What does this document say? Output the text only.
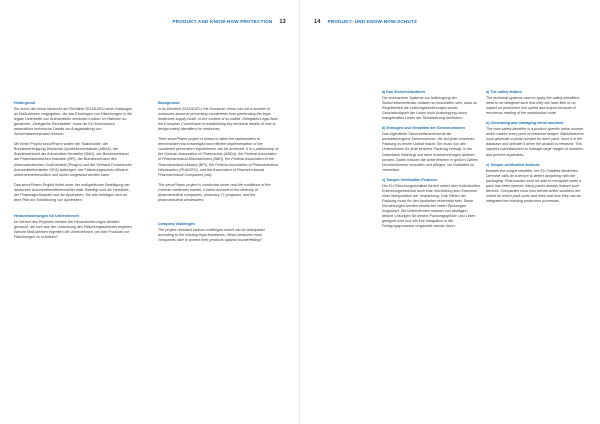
PRODUKT AND KNOW-HOW PROTECTION 13

Hintergrund

Ein durch die Union fachnicht der Richtlinie 2011/62/EU einen Katalogen an Maßnahmen vorgegeben, die das Eindringen von Fälschungen in die legale Lieferkette von Arzneimitteln verhindern sollen. Im Rahmen so genannter „Delegierter Rechtsakte“ muss die EU-Kommission wesentliche technische Details zur Ausgestaltung von Sicherheitsmerkmalen fixieren.

Mit Ihrem Projekt securPharm wollen die Stakeholder, die Bundesvereinigung Deutscher Apothekenverbände (ABDA), der Bundesverband der Arzneimittel-Hersteller (BAH), der Bundesverband der Pharmazeutischen Industrie (BPI), der Bundesverband des pharmazeutischen Großhandels (Phagro) und der Verband Forschender Arzneimittelhersteller (VFA) aufzeigen, wie Fälschungsschutz effizient, unternehmerfreundlich und sicher umgesetzt werden kann.

Das securPharm-Projekt findet unter der maßgeblichen Beteiligung der deutschen Arzneimittelmittelhersteller statt. Beteiligt sind die Hersteller, der Pharmagroßhandel und die Apotheken. Sie alle beteiligen sich an dem Pilot zur Entwicklung von Apotheken.

Herausforderungen für Unternehmen

Im Verlauf des Projektes werden die Herausforderungen deutlich gemacht, die sich aus der Umsetzung des Fälschungsschutzes ergeben. Welche Maßnahmen ergreifen die Unternehmen, um ihre Produkte vor Fälschungen zu schützen?

Background

In its Directive 2011/62/EU, the European Union has set a number of measures aimed at preventing counterfeits from penetrating the legal medicines supply chain. In the context of so-called „Delegated Legal Acts“, the European Commission is establishing key technical details of how to design safety identifiers for medicines.

Their securPharm project is meant to allow the stakeholders to demonstrate how meaningful and efficient implementation of the counterfeit prevention requirements can be achieved. It is a partnership of the German Association of Pharmacists (ABDA), the Federal Association of Pharmaceutical Manufacturers (BAH), the Federal Association of the Pharmaceutical Industry (BPI), the Federal Association of Pharmaceutical Wholesalers (PHAGRO), and the Association of Research-based Pharmaceutical Companies (vfa).

The securPharm project is conducted under real-life conditions of the German medicines market. It takes account of the diversity of pharmaceutical companies, pharmacy IT programs, and the pharmaceutical wholesalers.

Company challenges

The project revealed various challenges which can be anticipated according to the existing legal framework. What measures must companies take to protect their products against counterfeiting?

14 PRODUKT- UND KNOW-HOW-SCHUTZ

a) Das Sicherheitsetikett

Die technischen Systeme zur Aufbringung der Sicherheitsmerkmale müssen so beschaffen sein, dass im Regelbetrieb die Leistungsbeziehungen weder Geschwindigkeit der Linien noch Ausbringung durch mangelhaftes Lesen der Serialisierung behindern.

b) Erzeugen und Verwalten der Seriennummern

Das eigentliche Sicherheitsmerkmal ist die produktbezogene Seriennummer, die auf jeder einzelnen Packung zu einem Unikat macht. Sie muss von den Unternehmen für jede einzelne Packung erzeugt, in der Datenbank hinterlegt und beim Inverkehrbringen aktiviert werden. Dabei müssen die Unternehmen in großen Zahlen Nummernkreise verwalten und pflegen, um Dubletten zu vermeiden.

c) Tamper-Verification-Features

Die EU-Fälschungsrichtlinie fordert neben dem individuellen Erkennungsmerkmal auch eine Vorrichtung zum Erkennen einer Manipulation der Verpackung. Das Öffnen der Packung muss für den Apotheker erkennbar sein. Diese Vorrichtungen werden bereits bei vielen Packungen eingesetzt. Die Unternehmen müssen nun abwägen, welche Lösungen für welche Packungsgrößen und Linien geeignet sind und wie ihre Integration in die Fertigungsprozesse umgesetzt werden kann.

a) The safety feature

The technical systems used to apply the safety identifiers need to be designed such that they will have little or no impact on production line speed and output because of erroneous reading of the serialization code.

b) Generating and managing serial numbers

The core safety identifier is a product-specific serial number which makes every pack of medicine unique. Manufacturers must generate a serial number for each pack, store it in the database and activate it when the product is released. This requires manufacturers to manage large ranges of numbers and prevent duplicates.

c) Tamper verification features

Besides the unique identifier, the EU Falsified Medicines Directive calls for a device to detect tampering with the packaging. Pharmacists must be able to recognize when a pack has been opened. Many packs already feature such devices. Companies must now decide which solutions are suited for which pack sizes and lines and how they can be integrated into existing production processes.
